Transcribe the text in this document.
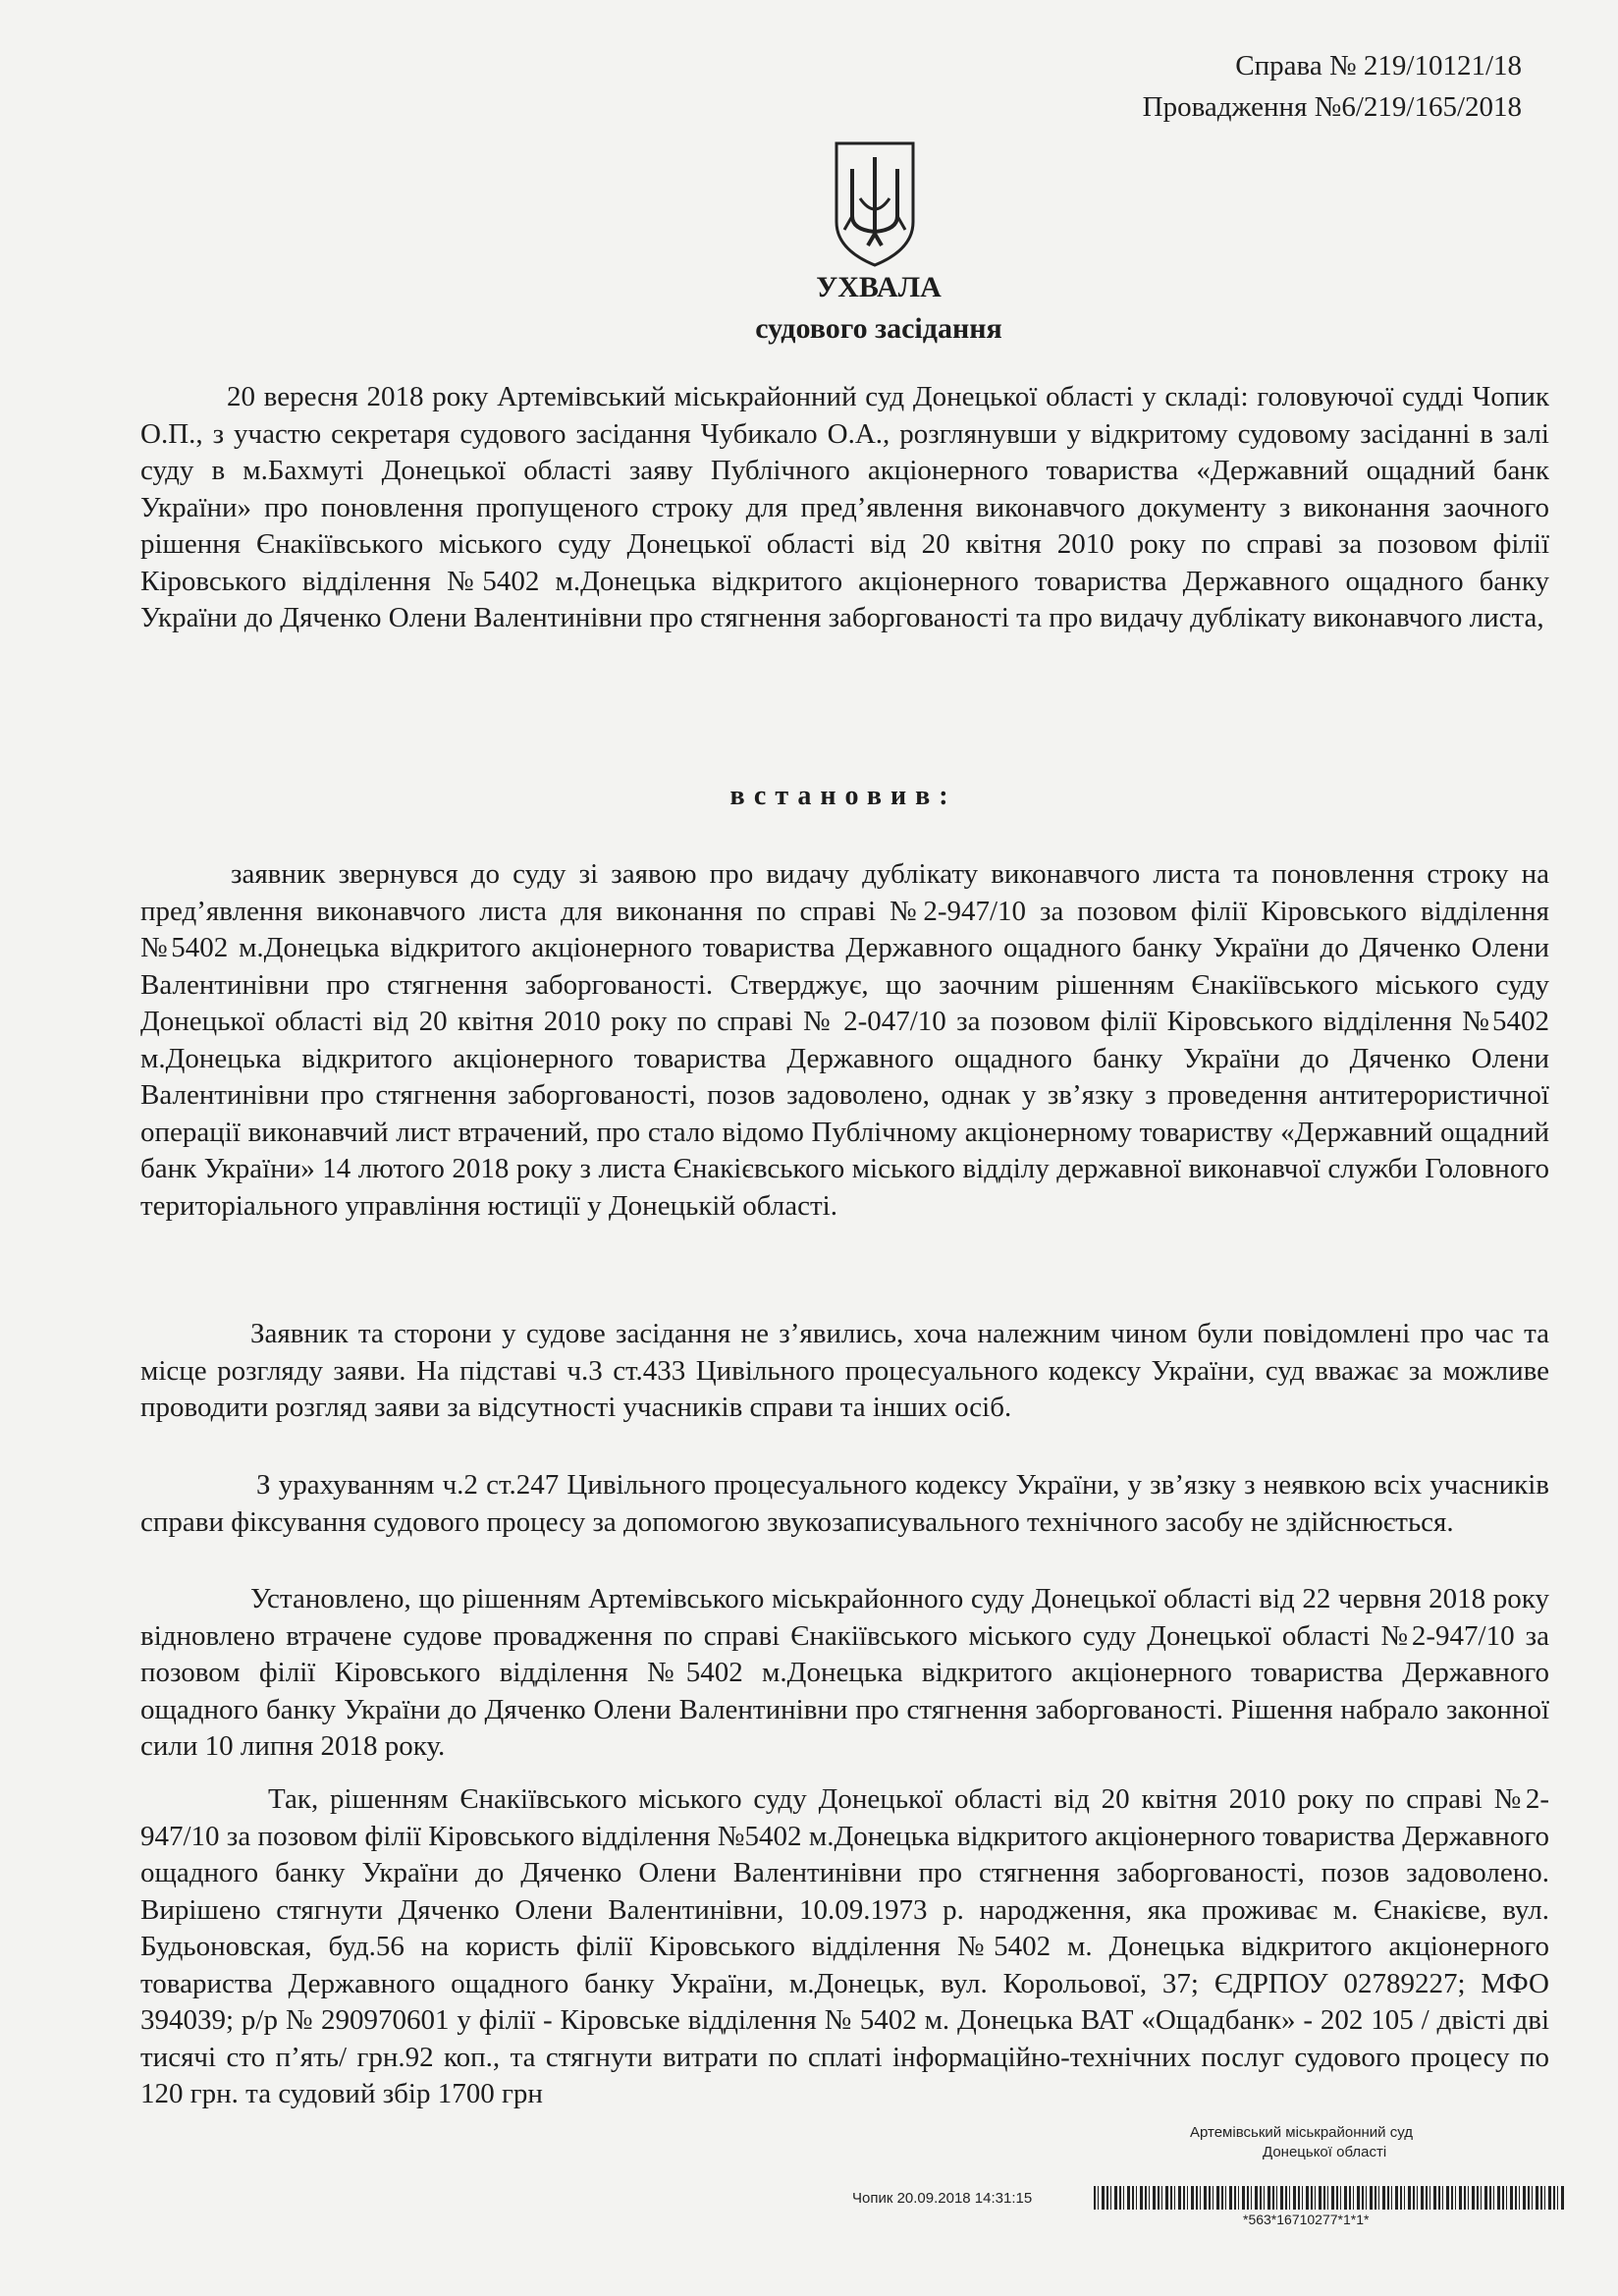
Справа № 219/10121/18
Провадження №6/219/165/2018
УХВАЛА
судового засідання
20 вересня 2018 року Артемівський міськрайонний суд Донецької області у складі: головуючої судді Чопик О.П., з участю секретаря судового засідання Чубикало О.А., розглянувши у відкритому судовому засіданні в залі суду в м.Бахмуті Донецької області заяву Публічного акціонерного товариства «Державний ощадний банк України» про поновлення пропущеного строку для пред’явлення виконавчого документу з виконання заочного рішення Єнакіївського міського суду Донецької області від 20 квітня 2010 року по справі за позовом філії Кіровського відділення №5402 м.Донецька відкритого акціонерного товариства Державного ощадного банку України до Дяченко Олени Валентинівни про стягнення заборгованості та про видачу дублікату виконавчого листа,
встановив:
заявник звернувся до суду зі заявою про видачу дублікату виконавчого листа та поновлення строку на пред’явлення виконавчого листа для виконання по справі №2-947/10 за позовом філії Кіровського відділення №5402 м.Донецька відкритого акціонерного товариства Державного ощадного банку України до Дяченко Олени Валентинівни про стягнення заборгованості. Стверджує, що заочним рішенням Єнакіївського міського суду Донецької області від 20 квітня 2010 року по справі № 2-047/10 за позовом філії Кіровського відділення №5402 м.Донецька відкритого акціонерного товариства Державного ощадного банку України до Дяченко Олени Валентинівни про стягнення заборгованості, позов задоволено, однак у зв’язку з проведення антитерористичної операції виконавчий лист втрачений, про стало відомо Публічному акціонерному товариству «Державний ощадний банк України» 14 лютого 2018 року з листа Єнакієвського міського відділу державної виконавчої служби Головного територіального управління юстиції у Донецькій області.
Заявник та сторони у судове засідання не з’явились, хоча належним чином були повідомлені про час та місце розгляду заяви. На підставі ч.3 ст.433 Цивільного процесуального кодексу України, суд вважає за можливе проводити розгляд заяви за відсутності учасників справи та інших осіб.
З урахуванням ч.2 ст.247 Цивільного процесуального кодексу України, у зв’язку з неявкою всіх учасників справи фіксування судового процесу за допомогою звукозаписувального технічного засобу не здійснюється.
Установлено, що рішенням Артемівського міськрайонного суду Донецької області від 22 червня 2018 року відновлено втрачене судове провадження по справі Єнакіївського міського суду Донецької області №2-947/10 за позовом філії Кіровського відділення №5402 м.Донецька відкритого акціонерного товариства Державного ощадного банку України до Дяченко Олени Валентинівни про стягнення заборгованості. Рішення набрало законної сили 10 липня 2018 року.
Так, рішенням Єнакіївського міського суду Донецької області від 20 квітня 2010 року по справі №2-947/10 за позовом філії Кіровського відділення №5402 м.Донецька відкритого акціонерного товариства Державного ощадного банку України до Дяченко Олени Валентинівни про стягнення заборгованості, позов задоволено. Вирішено стягнути Дяченко Олени Валентинівни, 10.09.1973 р. народження, яка проживає м. Єнакієве, вул. Будьоновская, буд.56 на користь філії Кіровського відділення №5402 м. Донецька відкритого акціонерного товариства Державного ощадного банку України, м.Донецьк, вул. Корольової, 37; ЄДРПОУ 02789227; МФО 394039; р/р № 290970601 у філії - Кіровське відділення № 5402 м. Донецька ВАТ «Ощадбанк» - 202 105 / двісті дві тисячі сто п’ять/ грн.92 коп., та стягнути витрати по сплаті інформаційно-технічних послуг судового процесу по 120 грн. та судовий збір 1700 грн
Артемівський міськрайонний суд
Донецької області
Чопик 20.09.2018 14:31:15
*563*16710277*1*1*
